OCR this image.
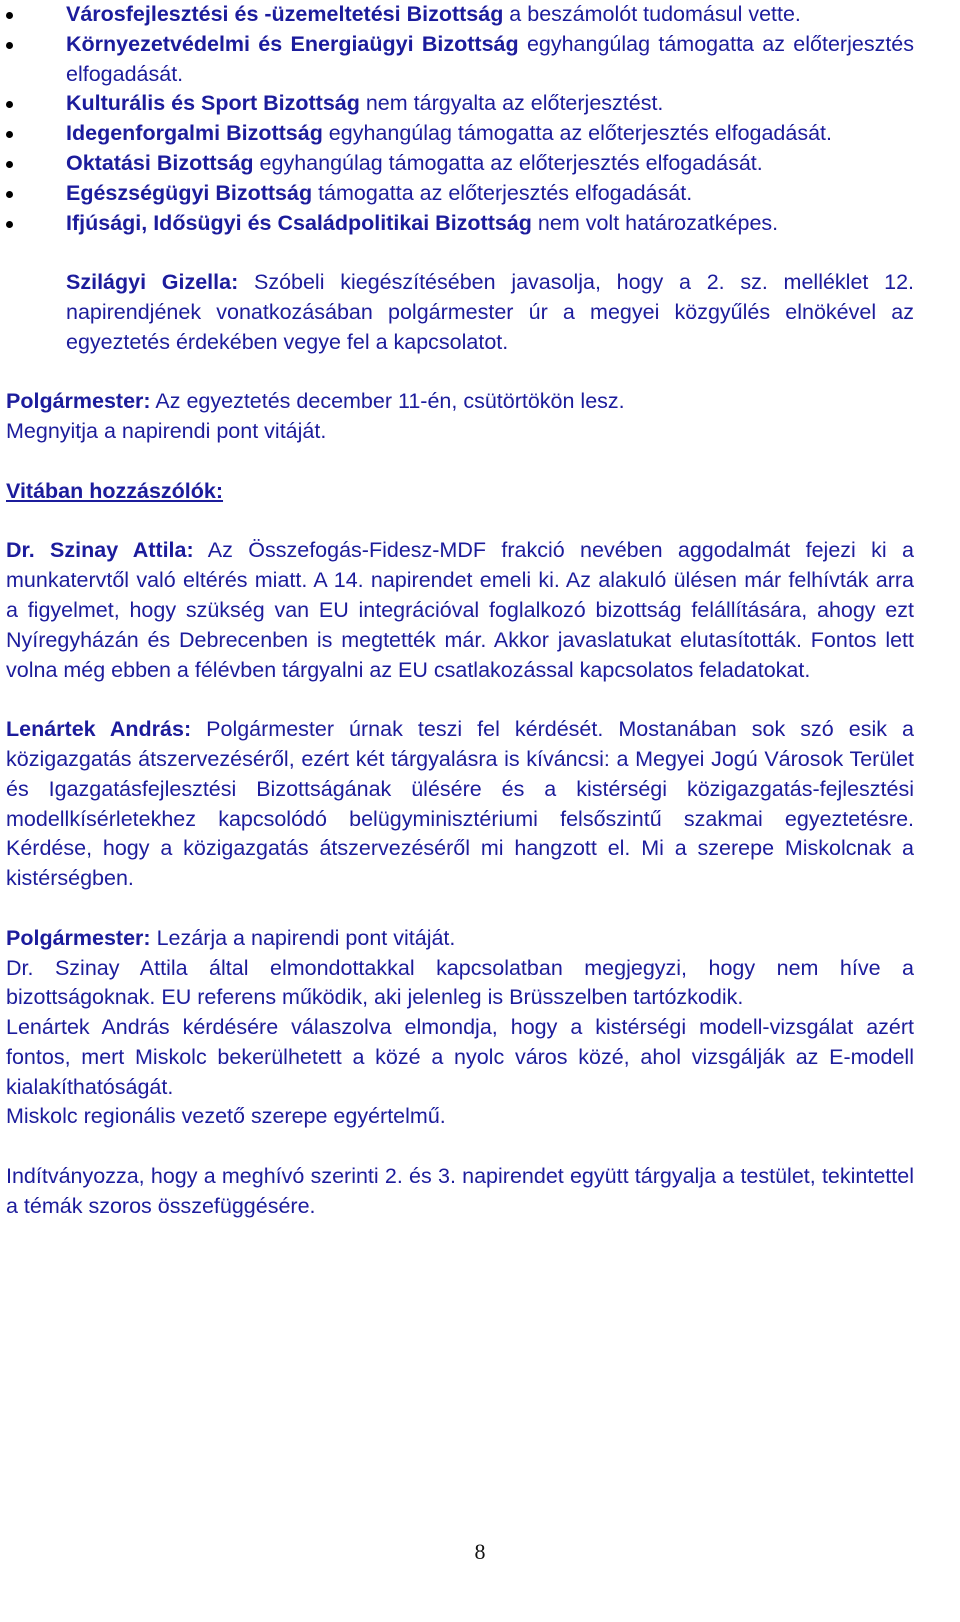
Városfejlesztési és -üzemeltetési Bizottság a beszámolót tudomásul vette.
Környezetvédelmi és Energiaügyi Bizottság egyhangúlag támogatta az előterjesztés elfogadását.
Kulturális és Sport Bizottság nem tárgyalta az előterjesztést.
Idegenforgalmi Bizottság egyhangúlag támogatta az előterjesztés elfogadását.
Oktatási Bizottság egyhangúlag támogatta az előterjesztés elfogadását.
Egészségügyi Bizottság támogatta az előterjesztés elfogadását.
Ifjúsági, Idősügyi és Családpolitikai Bizottság nem volt határozatképes.

Szilágyi Gizella: Szóbeli kiegészítésében javasolja, hogy a 2. sz. melléklet 12. napirendjének vonatkozásában polgármester úr a megyei közgyűlés elnökével az egyeztetés érdekében vegye fel a kapcsolatot.

Polgármester: Az egyeztetés december 11-én, csütörtökön lesz.

Megnyitja a napirendi pont vitáját.

Vitában hozzászólók:

Dr. Szinay Attila: Az Összefogás-Fidesz-MDF frakció nevében aggodalmát fejezi ki a munkatervtől való eltérés miatt. A 14. napirendet emeli ki. Az alakuló ülésen már felhívták arra a figyelmet, hogy szükség van EU integrációval foglalkozó bizottság felállítására, ahogy ezt Nyíregyházán és Debrecenben is megtették már. Akkor javaslatukat elutasították. Fontos lett volna még ebben a félévben tárgyalni az EU csatlakozással kapcsolatos feladatokat.

Lenártek András: Polgármester úrnak teszi fel kérdését. Mostanában sok szó esik a közigazgatás átszervezéséről, ezért két tárgyalásra is kíváncsi: a Megyei Jogú Városok Terület és Igazgatásfejlesztési Bizottságának ülésére és a kistérségi közigazgatás-fejlesztési modellkísérletekhez kapcsolódó belügyminisztériumi felsőszintű szakmai egyeztetésre. Kérdése, hogy a közigazgatás átszervezéséről mi hangzott el. Mi a szerepe Miskolcnak a kistérségben.

Polgármester: Lezárja a napirendi pont vitáját.

Dr. Szinay Attila által elmondottakkal kapcsolatban megjegyzi, hogy nem híve a bizottságoknak. EU referens működik, aki jelenleg is Brüsszelben tartózkodik.

Lenártek András kérdésére válaszolva elmondja, hogy a kistérségi modell-vizsgálat azért fontos, mert Miskolc bekerülhetett a közé a nyolc város közé, ahol vizsgálják az E-modell kialakíthatóságát.

Miskolc regionális vezető szerepe egyértelmű.

Indítványozza, hogy a meghívó szerinti 2. és 3. napirendet együtt tárgyalja a testület, tekintettel a témák szoros összefüggésére.

8
